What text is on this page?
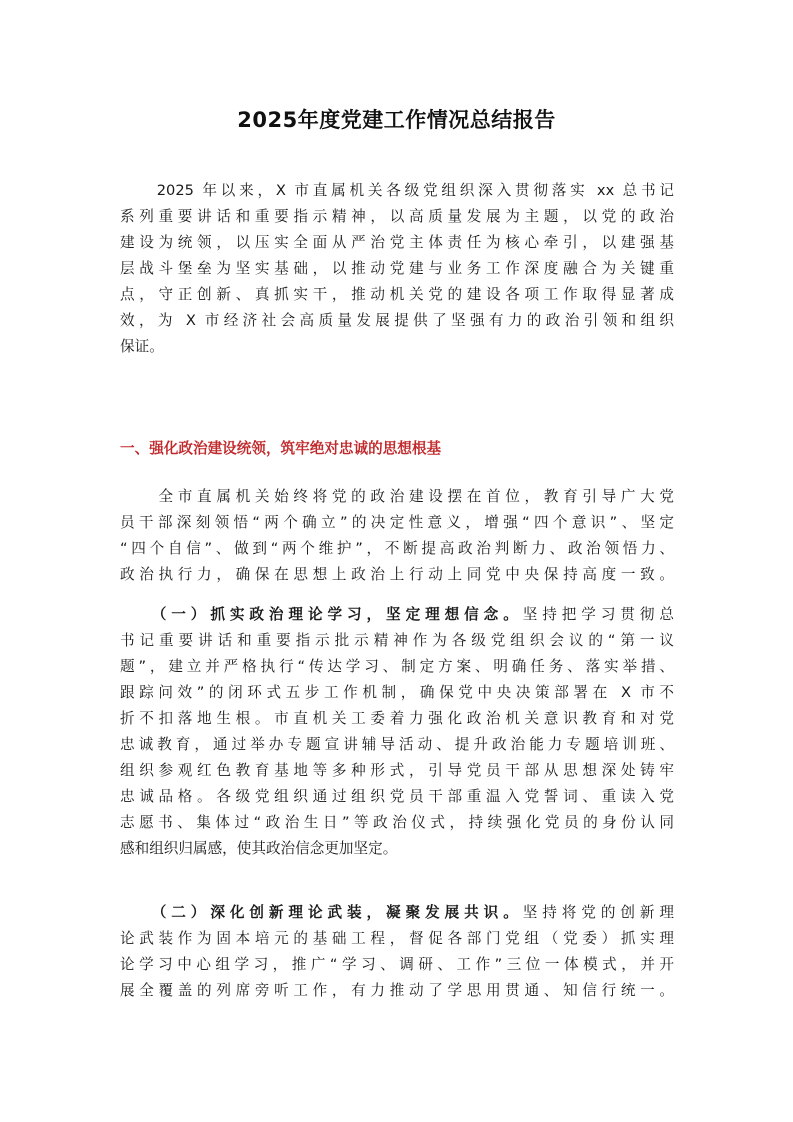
2025年度党建工作情况总结报告
　　2025 年以来，X 市直属机关各级党组织深入贯彻落实 xx 总书记
系列重要讲话和重要指示精神，以高质量发展为主题，以党的政治
建设为统领，以压实全面从严治党主体责任为核心牵引，以建强基
层战斗堡垒为坚实基础，以推动党建与业务工作深度融合为关键重
点，守正创新、真抓实干，推动机关党的建设各项工作取得显著成
效，为 X 市经济社会高质量发展提供了坚强有力的政治引领和组织
保证。
一、强化政治建设统领，筑牢绝对忠诚的思想根基
　　全市直属机关始终将党的政治建设摆在首位，教育引导广大党
员干部深刻领悟“两个确立”的决定性意义，增强“四个意识”、坚定
“四个自信”、做到“两个维护”，不断提高政治判断力、政治领悟力、
政治执行力，确保在思想上政治上行动上同党中央保持高度一致。
　　（一）抓实政治理论学习，坚定理想信念。坚持把学习贯彻总
书记重要讲话和重要指示批示精神作为各级党组织会议的“第一议
题”，建立并严格执行“传达学习、制定方案、明确任务、落实举措、
跟踪问效”的闭环式五步工作机制，确保党中央决策部署在 X 市不
折不扣落地生根。市直机关工委着力强化政治机关意识教育和对党
忠诚教育，通过举办专题宣讲辅导活动、提升政治能力专题培训班、
组织参观红色教育基地等多种形式，引导党员干部从思想深处铸牢
忠诚品格。各级党组织通过组织党员干部重温入党誓词、重读入党
志愿书、集体过“政治生日”等政治仪式，持续强化党员的身份认同
感和组织归属感，使其政治信念更加坚定。
　　（二）深化创新理论武装，凝聚发展共识。坚持将党的创新理
论武装作为固本培元的基础工程，督促各部门党组（党委）抓实理
论学习中心组学习，推广“学习、调研、工作”三位一体模式，并开
展全覆盖的列席旁听工作，有力推动了学思用贯通、知信行统一。
